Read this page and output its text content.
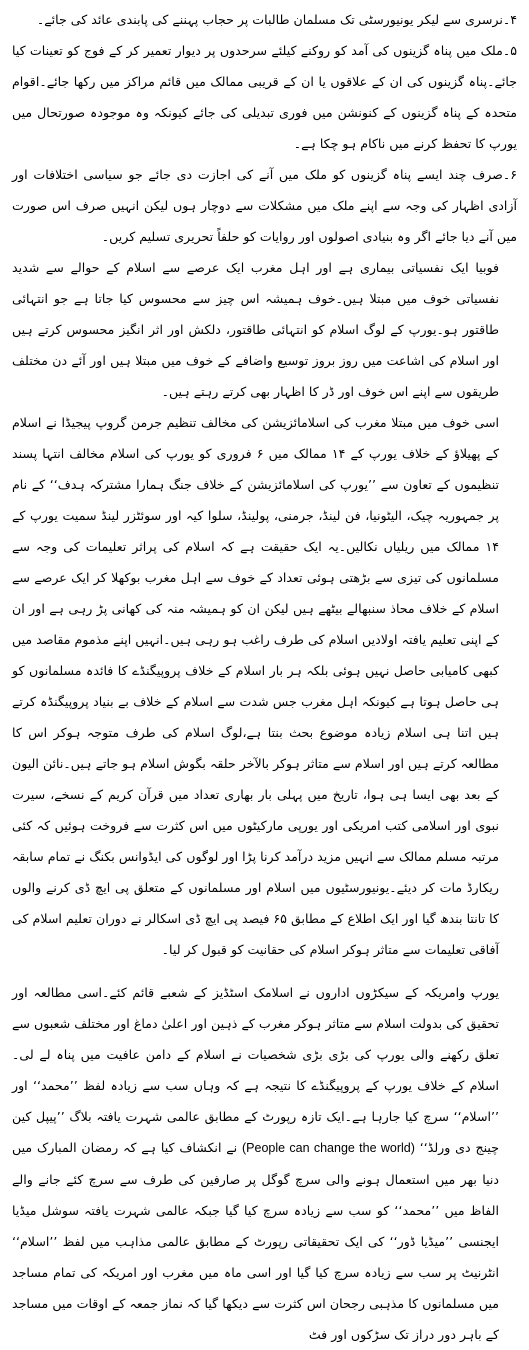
۴۔نرسری سے لیکر یونیورسٹی تک مسلمان طالبات پر حجاب پہننے کی پابندی عائد کی جائے۔

۵۔ملک میں پناہ گزینوں کی آمد کو روکنے کیلئے سرحدوں پر دیوار تعمیر کر کے فوج کو تعینات کیا جائے۔پناہ گزینوں کی ان کے علاقوں یا ان کے قریبی ممالک میں قائم مراکز میں رکھا جائے۔اقوام متحدہ کے پناہ گزینوں کے کنونشن میں فوری تبدیلی کی جائے کیونکہ وہ موجودہ صورتحال میں یورپ کا تحفظ کرنے میں ناکام ہو چکا ہے۔

۶۔صرف چند ایسے پناہ گزینوں کو ملک میں آنے کی اجازت دی جائے جو سیاسی اختلافات اور آزادی اظہار کی وجہ سے اپنے ملک میں مشکلات سے دوچار ہوں لیکن انہیں صرف اس صورت میں آنے دیا جائے اگر وہ بنیادی اصولوں اور روایات کو حلفاً تحریری تسلیم کریں۔

فوبیا ایک نفسیاتی بیماری ہے اور اہل مغرب ایک عرصے سے اسلام کے حوالے سے شدید نفسیاتی خوف میں مبتلا ہیں۔خوف ہمیشہ اس چیز سے محسوس کیا جاتا ہے جو انتہائی طاقتور ہو۔یورپ کے لوگ اسلام کو انتہائی طاقتور، دلکش اور اثر انگیز محسوس کرتے ہیں اور اسلام کی اشاعت میں روز بروز توسیع واضافے کے خوف میں مبتلا ہیں اور آئے دن مختلف طریقوں سے اپنے اس خوف اور ڈر کا اظہار بھی کرتے رہتے ہیں۔

اسی خوف میں مبتلا مغرب کی اسلامائزیشن کی مخالف تنظیم جرمن گروپ پیجیڈا نے اسلام کے پھیلاؤ کے خلاف یورپ کے ۱۴ ممالک میں ۶ فروری کو یورپ کی اسلام مخالف انتہا پسند تنظیموں کے تعاون سے ’’یورپ کی اسلامائزیشن کے خلاف جنگ ہمارا مشترکہ ہدف‘‘ کے نام پر جمہوریہ چیک، الیٹونیا، فن لینڈ، جرمنی، پولینڈ، سلوا کیہ اور سوئٹزر لینڈ سمیت یورپ کے ۱۴ ممالک میں ریلیاں نکالیں۔یہ ایک حقیقت ہے کہ اسلام کی پراثر تعلیمات کی وجہ سے مسلمانوں کی تیزی سے بڑھتی ہوئی تعداد کے خوف سے اہل مغرب بوکھلا کر ایک عرصے سے اسلام کے خلاف محاذ سنبھالے بیٹھے ہیں لیکن ان کو ہمیشہ منہ کی کھانی پڑ رہی ہے اور ان کے اپنی تعلیم یافتہ اولادیں اسلام کی طرف راغب ہو رہی ہیں۔انہیں اپنے مذموم مقاصد میں کبھی کامیابی حاصل نہیں ہوئی بلکہ ہر بار اسلام کے خلاف پروپیگنڈے کا فائدہ مسلمانوں کو ہی حاصل ہوتا ہے کیونکہ اہل مغرب جس شدت سے اسلام کے خلاف بے بنیاد پروپیگنڈہ کرتے ہیں اتنا ہی اسلام زیادہ موضوع بحث بنتا ہے،لوگ اسلام کی طرف متوجہ ہوکر اس کا مطالعہ کرتے ہیں اور اسلام سے متاثر ہوکر بالآخر حلقہ بگوش اسلام ہو جاتے ہیں۔نائن الیون کے بعد بھی ایسا ہی ہوا، تاریخ میں پہلی بار بھاری تعداد میں قرآن کریم کے نسخے، سیرت نبوی اور اسلامی کتب امریکی اور یورپی مارکیٹوں میں اس کثرت سے فروخت ہوئیں کہ کئی مرتبہ مسلم ممالک سے انہیں مزید درآمد کرنا پڑا اور لوگوں کی ایڈوانس بکنگ نے تمام سابقہ ریکارڈ مات کر دیئے۔یونیورسٹیوں میں اسلام اور مسلمانوں کے متعلق پی ایچ ڈی کرنے والوں کا تانتا بندھ گیا اور ایک اطلاع کے مطابق ۶۵ فیصد پی ایچ ڈی اسکالر نے دوران تعلیم اسلام کی آفاقی تعلیمات سے متاثر ہوکر اسلام کی حقانیت کو قبول کر لیا۔

یورپ وامریکہ کے سیکڑوں اداروں نے اسلامک اسٹڈیز کے شعبے قائم کئے۔اسی مطالعہ اور تحقیق کی بدولت اسلام سے متاثر ہوکر مغرب کے ذہین اور اعلیٰ دماغ اور مختلف شعبوں سے تعلق رکھنے والی یورپ کی بڑی بڑی شخصیات نے اسلام کے دامن عافیت میں پناہ لے لی۔اسلام کے خلاف یورپ کے پروپیگنڈے کا نتیجہ ہے کہ وہاں سب سے زیادہ لفظ ’’محمد‘‘ اور ’’اسلام‘‘ سرچ کیا جارہا ہے۔ایک تازہ رپورٹ کے مطابق عالمی شہرت یافتہ بلاگ ’’پیپل کین چینج دی ورلڈ‘‘ (People can change the world) نے انکشاف کیا ہے کہ رمضان المبارک میں دنیا بھر میں استعمال ہونے والی سرچ گوگل پر صارفین کی طرف سے سرچ کئے جانے والے الفاظ میں ’’محمد‘‘ کو سب سے زیادہ سرچ کیا گیا جبکہ عالمی شہرت یافتہ سوشل میڈیا ایجنسی ’’میڈیا ڈور‘‘ کی ایک تحقیقاتی رپورٹ کے مطابق عالمی مذاہب میں لفظ ’’اسلام‘‘ انٹرنیٹ پر سب سے زیادہ سرچ کیا گیا اور اسی ماہ میں مغرب اور امریکہ کی تمام مساجد میں مسلمانوں کا مذہبی رجحان اس کثرت سے دیکھا گیا کہ نماز جمعہ کے اوقات میں مساجد کے باہر دور دراز تک سڑکوں اور فٹ
